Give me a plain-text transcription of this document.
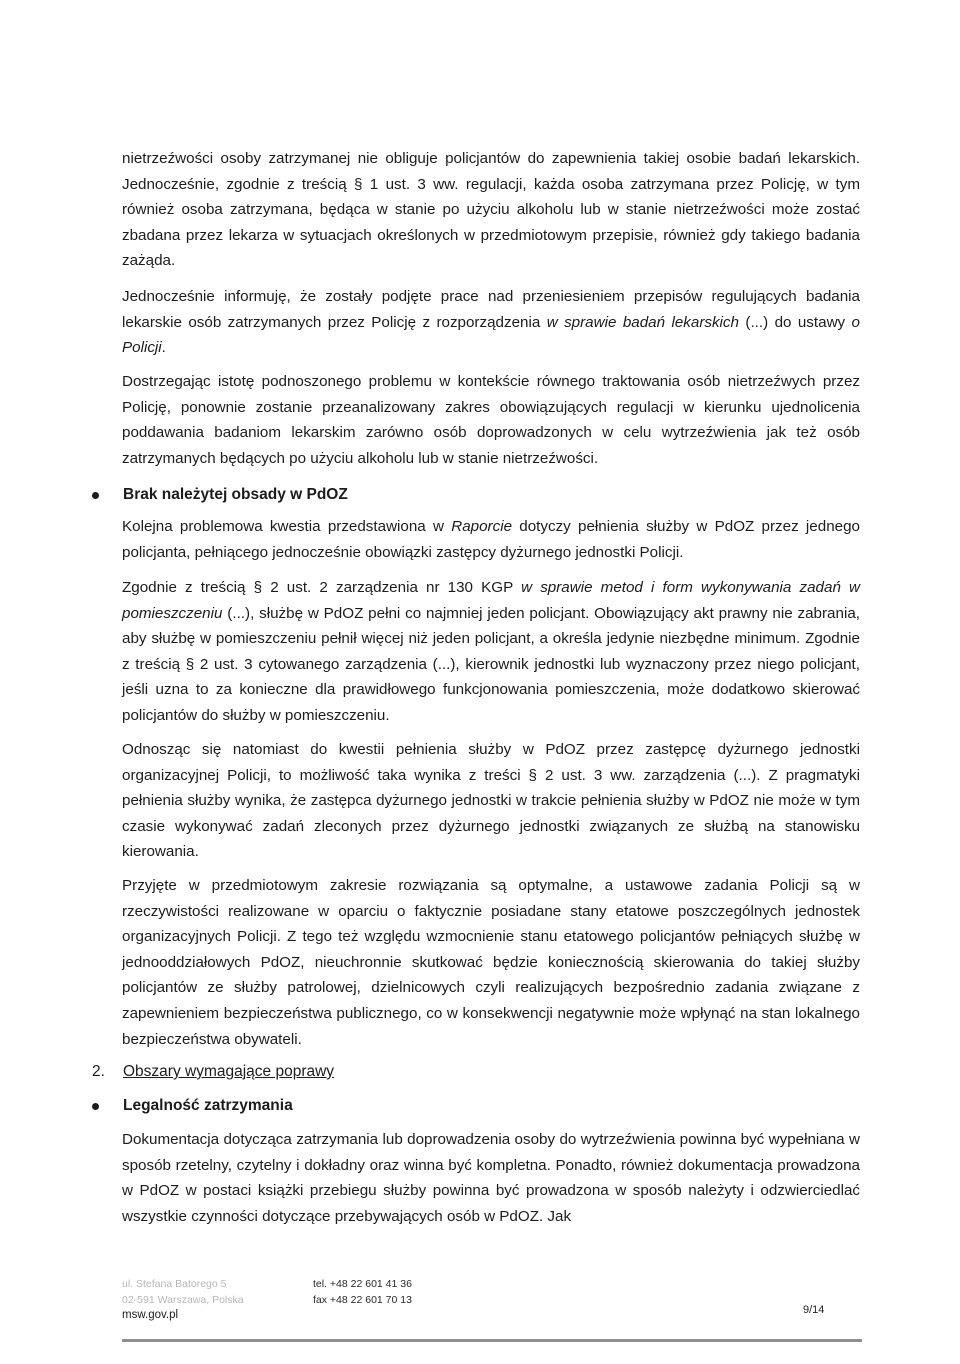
nietrzeźwości osoby zatrzymanej nie obliguje policjantów do zapewnienia takiej osobie badań lekarskich. Jednocześnie, zgodnie z treścią § 1 ust. 3 ww. regulacji, każda osoba zatrzymana przez Policję, w tym również osoba zatrzymana, będąca w stanie po użyciu alkoholu lub w stanie nietrzeźwości może zostać zbadana przez lekarza w sytuacjach określonych w przedmiotowym przepisie, również gdy takiego badania zażąda.

Jednocześnie informuję, że zostały podjęte prace nad przeniesieniem przepisów regulujących badania lekarskie osób zatrzymanych przez Policję z rozporządzenia w sprawie badań lekarskich (...) do ustawy o Policji.

Dostrzegając istotę podnoszonego problemu w kontekście równego traktowania osób nietrzeźwych przez Policję, ponownie zostanie przeanalizowany zakres obowiązujących regulacji w kierunku ujednolicenia poddawania badaniom lekarskim zarówno osób doprowadzonych w celu wytrzeźwienia jak też osób zatrzymanych będących po użyciu alkoholu lub w stanie nietrzeźwości.

Brak należytej obsady w PdOZ

Kolejna problemowa kwestia przedstawiona w Raporcie dotyczy pełnienia służby w PdOZ przez jednego policjanta, pełniącego jednocześnie obowiązki zastępcy dyżurnego jednostki Policji.

Zgodnie z treścią § 2 ust. 2 zarządzenia nr 130 KGP w sprawie metod i form wykonywania zadań w pomieszczeniu (...), służbę w PdOZ pełni co najmniej jeden policjant. Obowiązujący akt prawny nie zabrania, aby służbę w pomieszczeniu pełnił więcej niż jeden policjant, a określa jedynie niezbędne minimum. Zgodnie z treścią § 2 ust. 3 cytowanego zarządzenia (...), kierownik jednostki lub wyznaczony przez niego policjant, jeśli uzna to za konieczne dla prawidłowego funkcjonowania pomieszczenia, może dodatkowo skierować policjantów do służby w pomieszczeniu.

Odnosząc się natomiast do kwestii pełnienia służby w PdOZ przez zastępcę dyżurnego jednostki organizacyjnej Policji, to możliwość taka wynika z treści § 2 ust. 3 ww. zarządzenia (...). Z pragmatyki pełnienia służby wynika, że zastępca dyżurnego jednostki w trakcie pełnienia służby w PdOZ nie może w tym czasie wykonywać zadań zleconych przez dyżurnego jednostki związanych ze służbą na stanowisku kierowania.

Przyjęte w przedmiotowym zakresie rozwiązania są optymalne, a ustawowe zadania Policji są w rzeczywistości realizowane w oparciu o faktycznie posiadane stany etatowe poszczególnych jednostek organizacyjnych Policji. Z tego też względu wzmocnienie stanu etatowego policjantów pełniących służbę w jednooddziałowych PdOZ, nieuchronnie skutkować będzie koniecznością skierowania do takiej służby policjantów ze służby patrolowej, dzielnicowych czyli realizujących bezpośrednio zadania związane z zapewnieniem bezpieczeństwa publicznego, co w konsekwencji negatywnie może wpłynąć na stan lokalnego bezpieczeństwa obywateli.

2. Obszary wymagające poprawy
Legalność zatrzymania

Dokumentacja dotycząca zatrzymania lub doprowadzenia osoby do wytrzeźwienia powinna być wypełniana w sposób rzetelny, czytelny i dokładny oraz winna być kompletna. Ponadto, również dokumentacja prowadzona w PdOZ w postaci książki przebiegu służby powinna być prowadzona w sposób należyty i odzwierciedlać wszystkie czynności dotyczące przebywających osób w PdOZ. Jak

ul. Stefana Batorego 5
02-591 Warszawa, Polska
msw.gov.pl
tel. +48 22 601 41 36
fax +48 22 601 70 13
9/14
